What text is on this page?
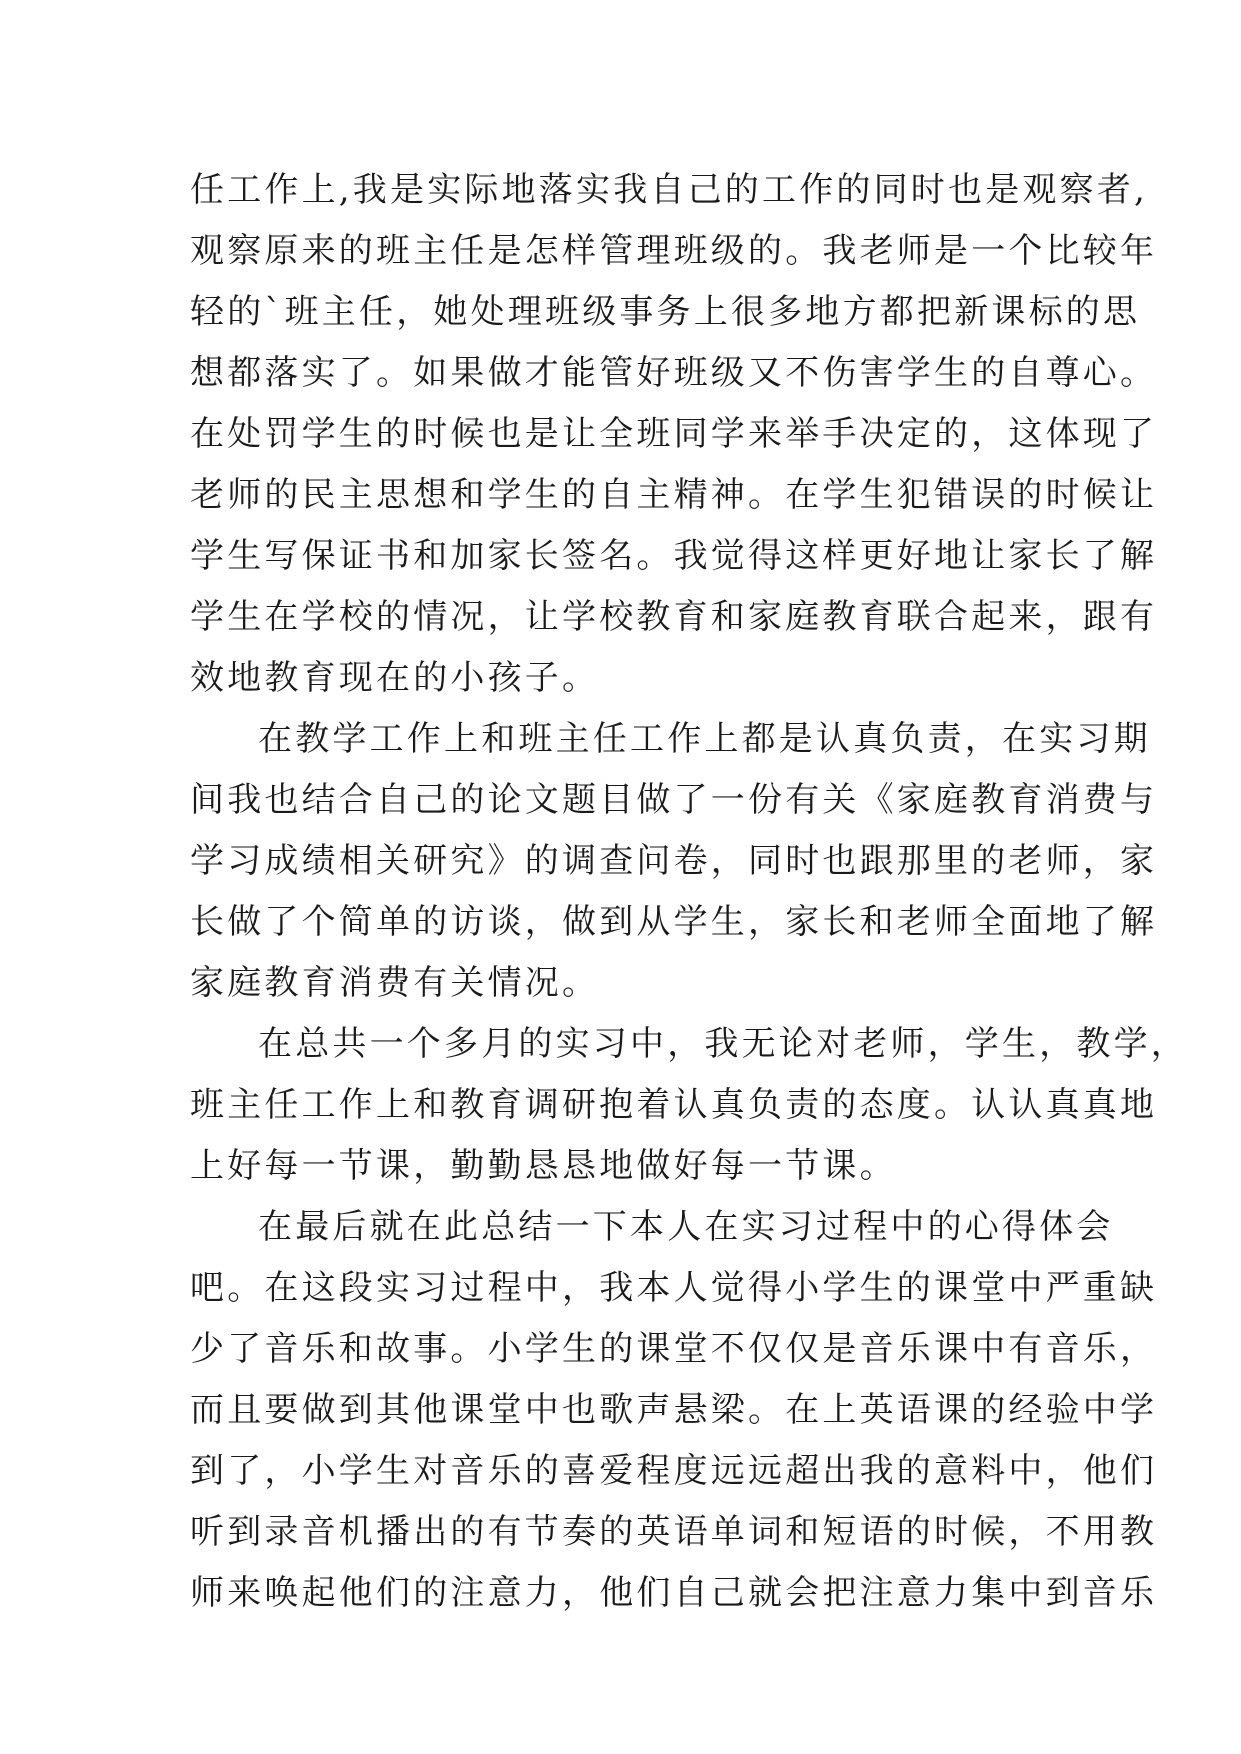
任工作上,我是实际地落实我自己的工作的同时也是观察者,
观察原来的班主任是怎样管理班级的。我老师是一个比较年
轻的`班主任，她处理班级事务上很多地方都把新课标的思
想都落实了。如果做才能管好班级又不伤害学生的自尊心。
在处罚学生的时候也是让全班同学来举手决定的，这体现了
老师的民主思想和学生的自主精神。在学生犯错误的时候让
学生写保证书和加家长签名。我觉得这样更好地让家长了解
学生在学校的情况，让学校教育和家庭教育联合起来，跟有
效地教育现在的小孩子。
在教学工作上和班主任工作上都是认真负责，在实习期
间我也结合自己的论文题目做了一份有关《家庭教育消费与
学习成绩相关研究》的调查问卷，同时也跟那里的老师，家
长做了个简单的访谈，做到从学生，家长和老师全面地了解
家庭教育消费有关情况。
在总共一个多月的实习中，我无论对老师，学生，教学，
班主任工作上和教育调研抱着认真负责的态度。认认真真地
上好每一节课，勤勤恳恳地做好每一节课。
在最后就在此总结一下本人在实习过程中的心得体会
吧。在这段实习过程中，我本人觉得小学生的课堂中严重缺
少了音乐和故事。小学生的课堂不仅仅是音乐课中有音乐，
而且要做到其他课堂中也歌声悬梁。在上英语课的经验中学
到了，小学生对音乐的喜爱程度远远超出我的意料中，他们
听到录音机播出的有节奏的英语单词和短语的时候，不用教
师来唤起他们的注意力，他们自己就会把注意力集中到音乐
